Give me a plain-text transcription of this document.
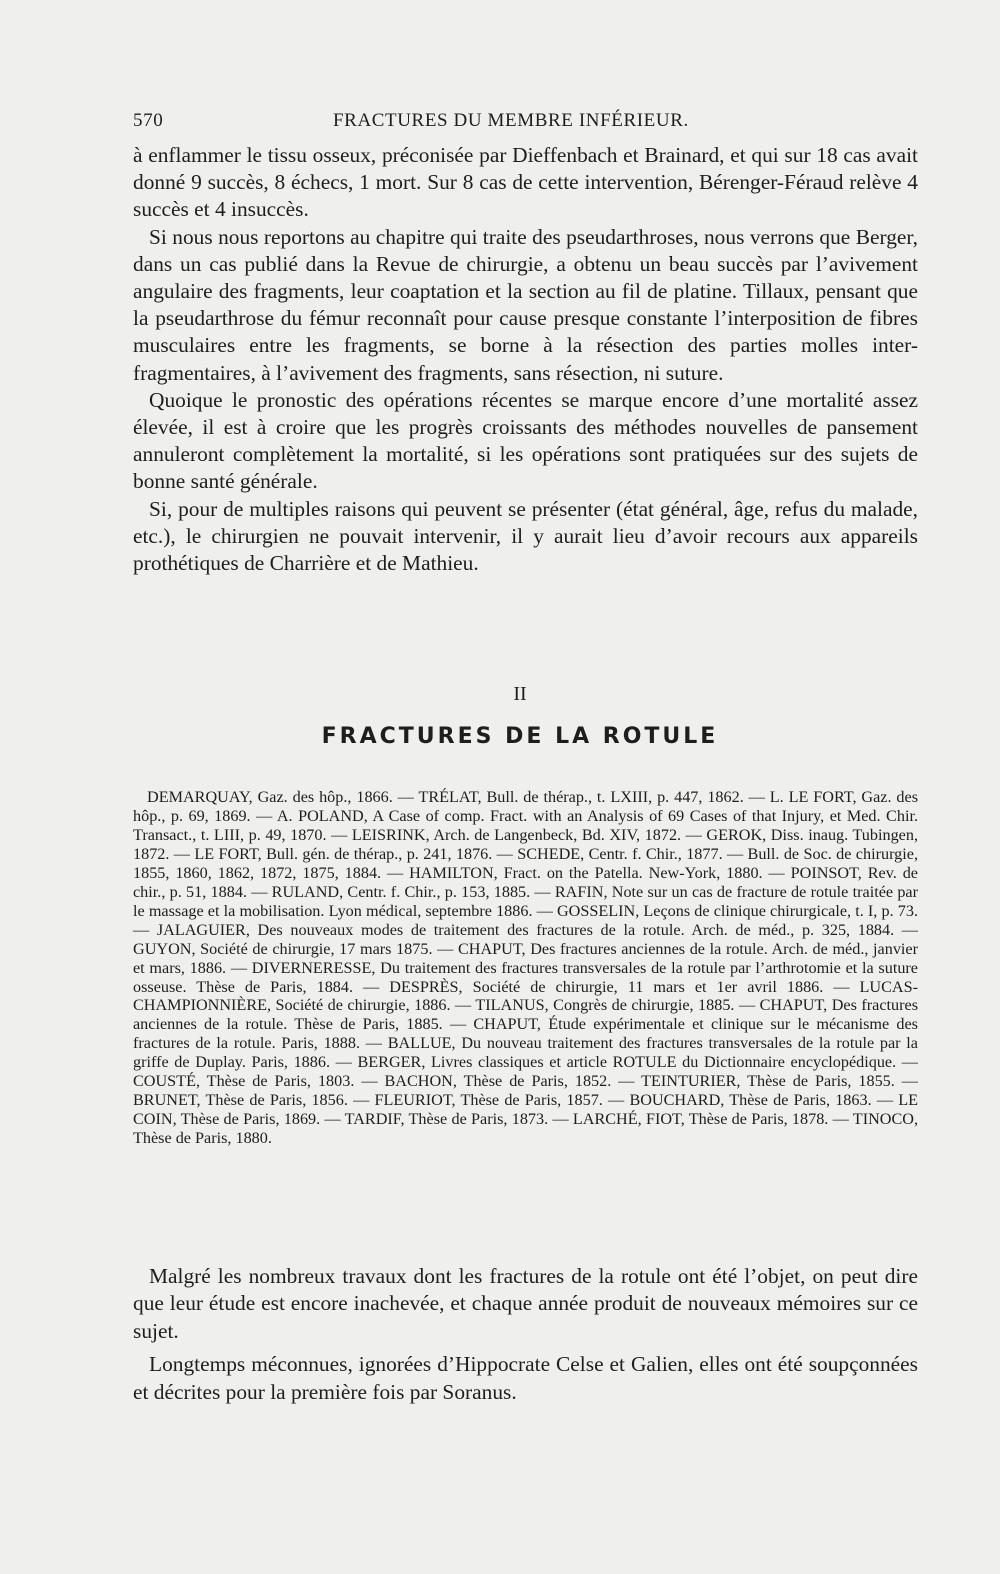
570	FRACTURES DU MEMBRE INFÉRIEUR.

à enflammer le tissu osseux, préconisée par Dieffenbach et Brainard, et qui sur 18 cas avait donné 9 succès, 8 échecs, 1 mort. Sur 8 cas de cette intervention, Bérenger-Féraud relève 4 succès et 4 insuccès.

Si nous nous reportons au chapitre qui traite des pseudarthroses, nous verrons que Berger, dans un cas publié dans la Revue de chirurgie, a obtenu un beau succès par l’avivement angulaire des fragments, leur coaptation et la section au fil de platine. Tillaux, pensant que la pseudarthrose du fémur reconnaît pour cause presque constante l’interposition de fibres musculaires entre les fragments, se borne à la résection des parties molles inter-fragmentaires, à l’avivement des fragments, sans résection, ni suture.

Quoique le pronostic des opérations récentes se marque encore d’une mortalité assez élevée, il est à croire que les progrès croissants des méthodes nouvelles de pansement annuleront complètement la mortalité, si les opérations sont pratiquées sur des sujets de bonne santé générale.

Si, pour de multiples raisons qui peuvent se présenter (état général, âge, refus du malade, etc.), le chirurgien ne pouvait intervenir, il y aurait lieu d’avoir recours aux appareils prothétiques de Charrière et de Mathieu.

II
FRACTURES DE LA ROTULE

DEMARQUAY, Gaz. des hôp., 1866. — TRÉLAT, Bull. de thérap., t. LXIII, p. 447, 1862. — L. LE FORT, Gaz. des hôp., p. 69, 1869. — A. POLAND, A Case of comp. Fract. with an Analysis of 69 Cases of that Injury, et Med. Chir. Transact., t. LIII, p. 49, 1870. — LEISRINK, Arch. de Langenbeck, Bd. XIV, 1872. — GEROK, Diss. inaug. Tubingen, 1872. — LE FORT, Bull. gén. de thérap., p. 241, 1876. — SCHEDE, Centr. f. Chir., 1877. — Bull. de Soc. de chirurgie, 1855, 1860, 1862, 1872, 1875, 1884. — HAMILTON, Fract. on the Patella. New-York, 1880. — POINSOT, Rev. de chir., p. 51, 1884. — RULAND, Centr. f. Chir., p. 153, 1885. — RAFIN, Note sur un cas de fracture de rotule traitée par le massage et la mobilisation. Lyon médical, septembre 1886. — GOSSELIN, Leçons de clinique chirurgicale, t. I, p. 73. — JALAGUIER, Des nouveaux modes de traitement des fractures de la rotule. Arch. de méd., p. 325, 1884. — GUYON, Société de chirurgie, 17 mars 1875. — CHAPUT, Des fractures anciennes de la rotule. Arch. de méd., janvier et mars, 1886. — DIVERNERESSE, Du traitement des fractures transversales de la rotule par l’arthrotomie et la suture osseuse. Thèse de Paris, 1884. — DESPRÈS, Société de chirurgie, 11 mars et 1er avril 1886. — LUCAS-CHAMPIONNIÈRE, Société de chirurgie, 1886. — TILANUS, Congrès de chirurgie, 1885. — CHAPUT, Des fractures anciennes de la rotule. Thèse de Paris, 1885. — CHAPUT, Étude expérimentale et clinique sur le mécanisme des fractures de la rotule. Paris, 1888. — BALLUE, Du nouveau traitement des fractures transversales de la rotule par la griffe de Duplay. Paris, 1886. — BERGER, Livres classiques et article ROTULE du Dictionnaire encyclopédique. — COUSTÉ, Thèse de Paris, 1803. — BACHON, Thèse de Paris, 1852. — TEINTURIER, Thèse de Paris, 1855. — BRUNET, Thèse de Paris, 1856. — FLEURIOT, Thèse de Paris, 1857. — BOUCHARD, Thèse de Paris, 1863. — LE COIN, Thèse de Paris, 1869. — TARDIF, Thèse de Paris, 1873. — LARCHÉ, FIOT, Thèse de Paris, 1878. — TINOCO, Thèse de Paris, 1880.

Malgré les nombreux travaux dont les fractures de la rotule ont été l’objet, on peut dire que leur étude est encore inachevée, et chaque année produit de nouveaux mémoires sur ce sujet.

Longtemps méconnues, ignorées d’Hippocrate Celse et Galien, elles ont été soupçonnées et décrites pour la première fois par Soranus.
